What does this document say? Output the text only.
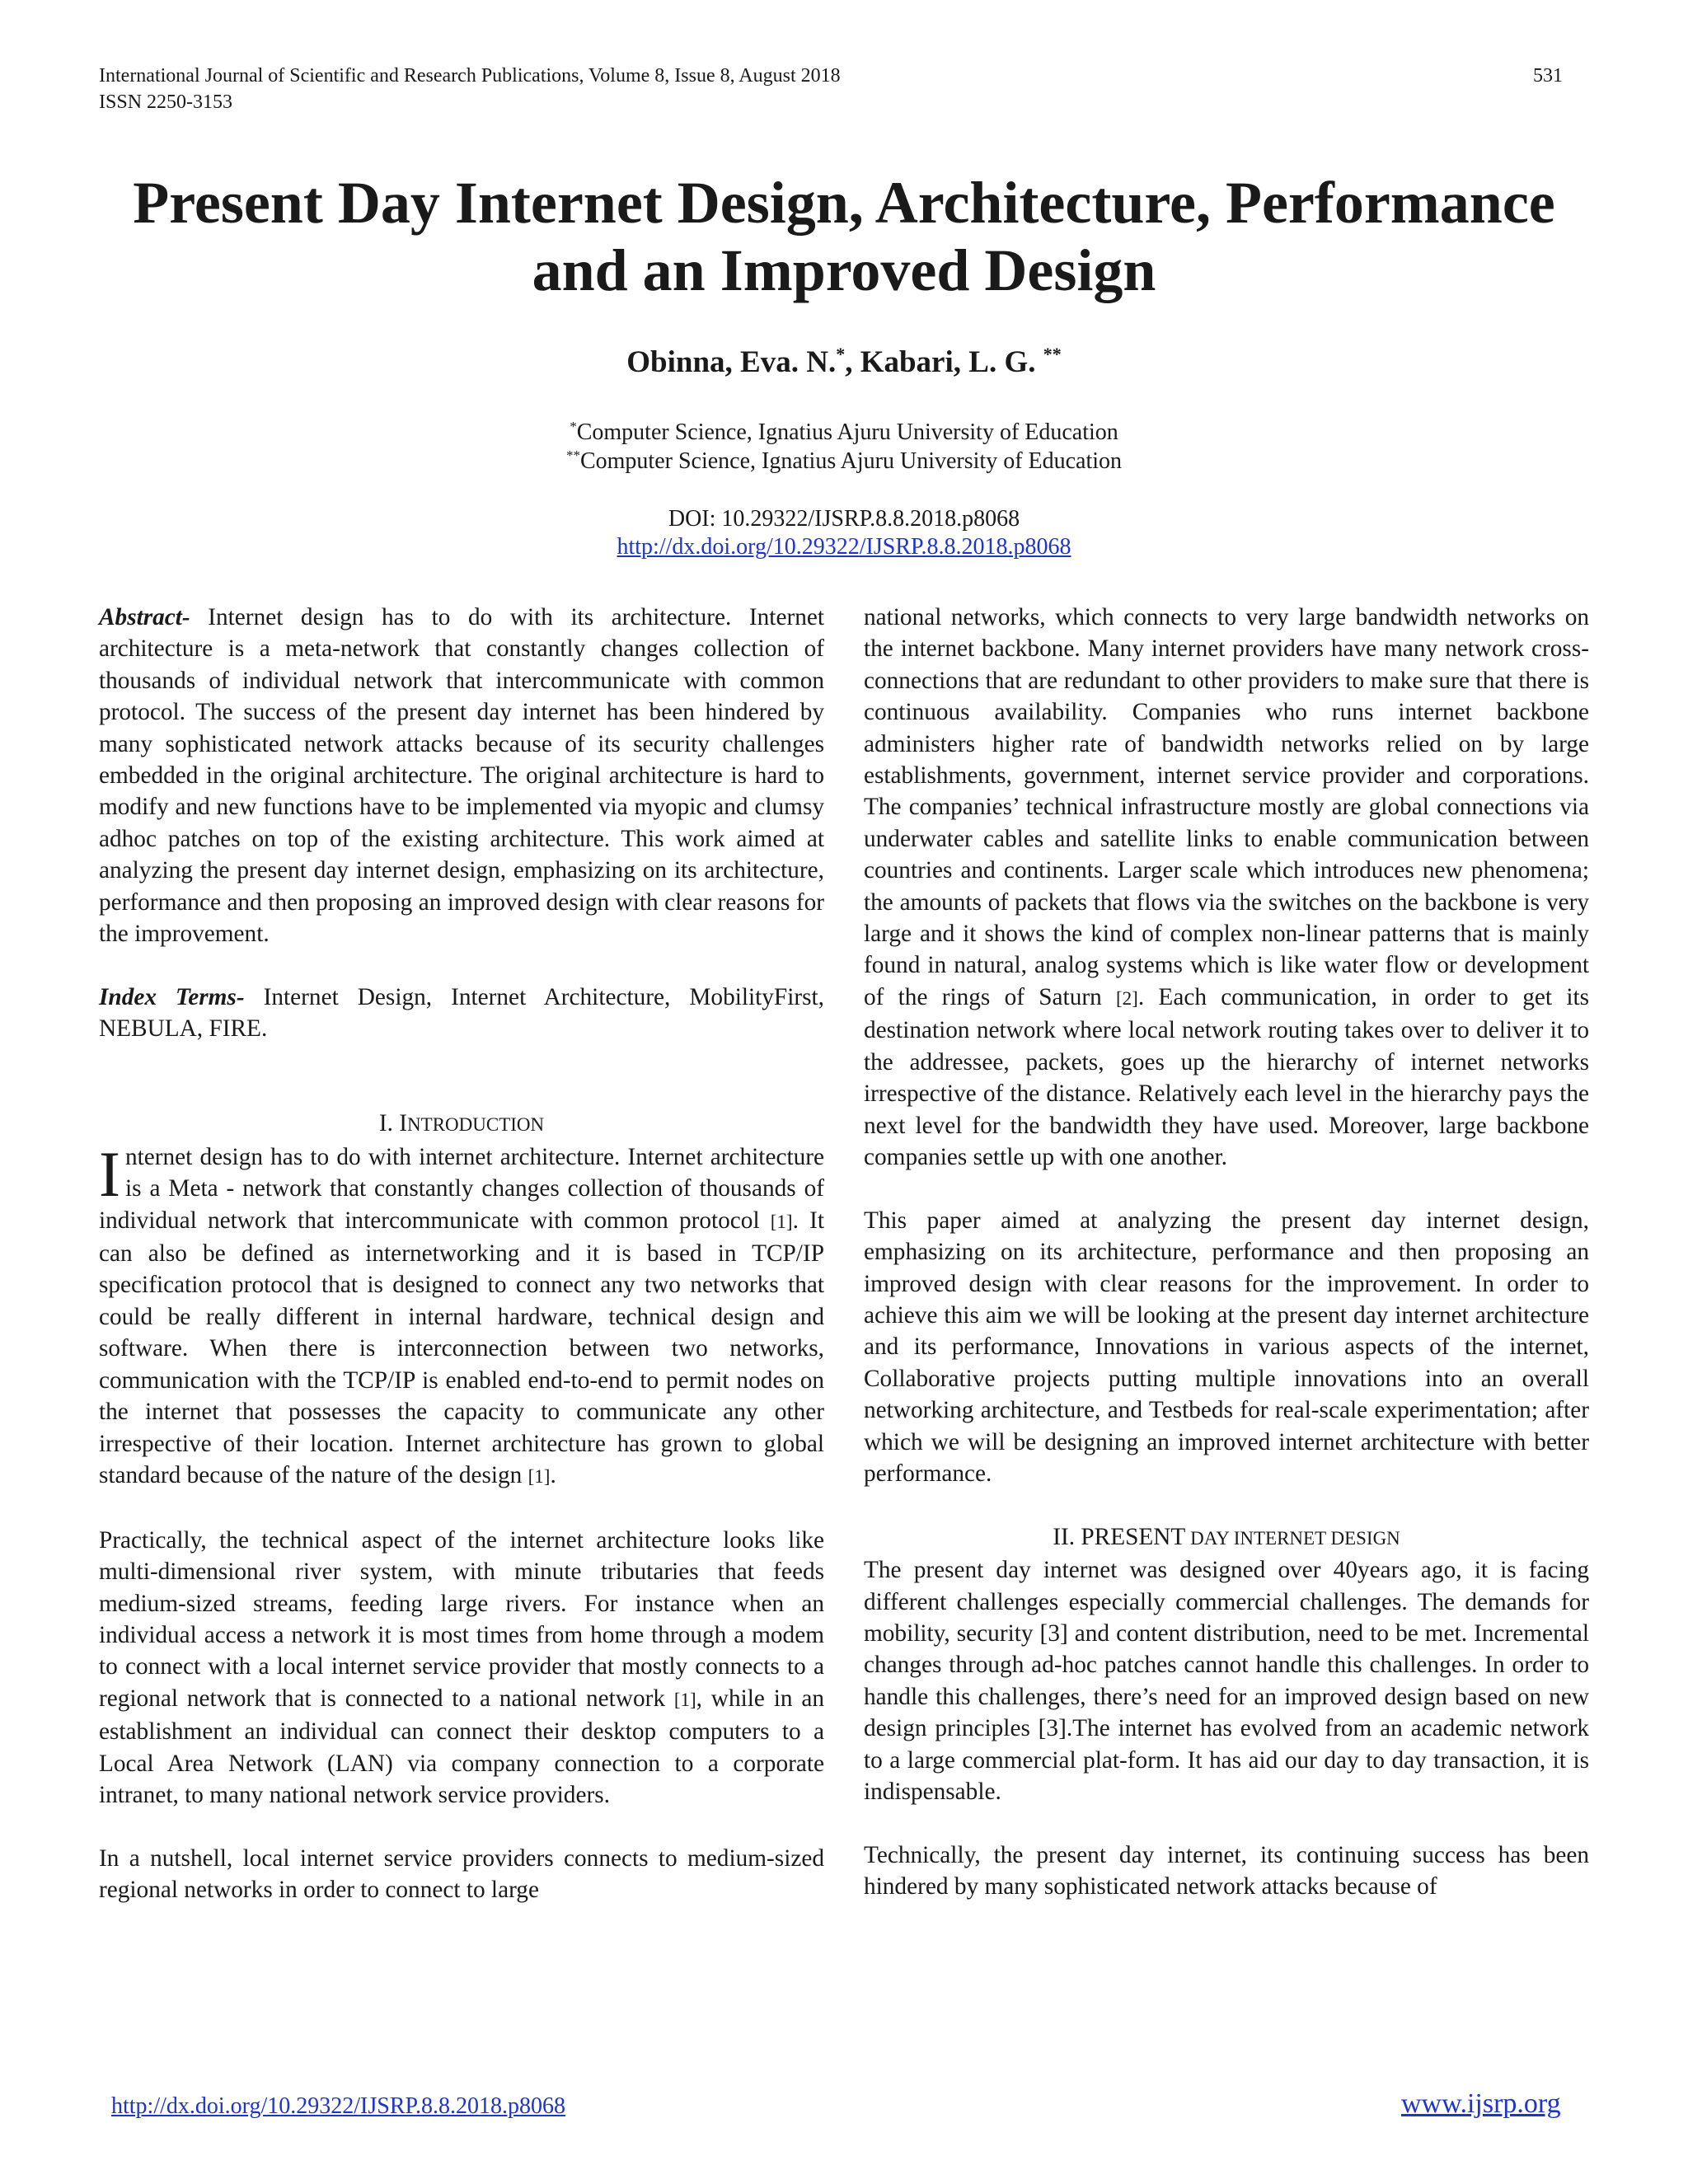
International Journal of Scientific and Research Publications, Volume 8, Issue 8, August 2018
ISSN 2250-3153
531
Present Day Internet Design, Architecture, Performance
and an Improved Design
Obinna, Eva. N.*, Kabari, L. G. **
*Computer Science, Ignatius Ajuru University of Education
**Computer Science, Ignatius Ajuru University of Education
DOI: 10.29322/IJSRP.8.8.2018.p8068
http://dx.doi.org/10.29322/IJSRP.8.8.2018.p8068

Abstract- Internet design has to do with its architecture. Internet architecture is a meta-network that constantly changes collection of thousands of individual network that intercommunicate with common protocol. The success of the present day internet has been hindered by many sophisticated network attacks because of its security challenges embedded in the original architecture. The original architecture is hard to modify and new functions have to be implemented via myopic and clumsy adhoc patches on top of the existing architecture. This work aimed at analyzing the present day internet design, emphasizing on its architecture, performance and then proposing an improved design with clear reasons for the improvement.

Index Terms- Internet Design, Internet Architecture, MobilityFirst, NEBULA, FIRE.

I. INTRODUCTION

Internet design has to do with internet architecture. Internet architecture is a Meta - network that constantly changes collection of thousands of individual network that intercommunicate with common protocol [1]. It can also be defined as internetworking and it is based in TCP/IP specification protocol that is designed to connect any two networks that could be really different in internal hardware, technical design and software. When there is interconnection between two networks, communication with the TCP/IP is enabled end-to-end to permit nodes on the internet that possesses the capacity to communicate any other irrespective of their location. Internet architecture has grown to global standard because of the nature of the design [1].

Practically, the technical aspect of the internet architecture looks like multi-dimensional river system, with minute tributaries that feeds medium-sized streams, feeding large rivers. For instance when an individual access a network it is most times from home through a modem to connect with a local internet service provider that mostly connects to a regional network that is connected to a national network [1], while in an establishment an individual can connect their desktop computers to a Local Area Network (LAN) via company connection to a corporate intranet, to many national network service providers.

In a nutshell, local internet service providers connects to medium-sized regional networks in order to connect to large

national networks, which connects to very large bandwidth networks on the internet backbone. Many internet providers have many network cross-connections that are redundant to other providers to make sure that there is continuous availability. Companies who runs internet backbone administers higher rate of bandwidth networks relied on by large establishments, government, internet service provider and corporations. The companies’ technical infrastructure mostly are global connections via underwater cables and satellite links to enable communication between countries and continents. Larger scale which introduces new phenomena; the amounts of packets that flows via the switches on the backbone is very large and it shows the kind of complex non-linear patterns that is mainly found in natural, analog systems which is like water flow or development of the rings of Saturn [2]. Each communication, in order to get its destination network where local network routing takes over to deliver it to the addressee, packets, goes up the hierarchy of internet networks irrespective of the distance. Relatively each level in the hierarchy pays the next level for the bandwidth they have used. Moreover, large backbone companies settle up with one another.

This paper aimed at analyzing the present day internet design, emphasizing on its architecture, performance and then proposing an improved design with clear reasons for the improvement. In order to achieve this aim we will be looking at the present day internet architecture and its performance, Innovations in various aspects of the internet, Collaborative projects putting multiple innovations into an overall networking architecture, and Testbeds for real-scale experimentation; after which we will be designing an improved internet architecture with better performance.

II. PRESENT DAY INTERNET DESIGN

The present day internet was designed over 40years ago, it is facing different challenges especially commercial challenges. The demands for mobility, security [3] and content distribution, need to be met. Incremental changes through ad-hoc patches cannot handle this challenges. In order to handle this challenges, there’s need for an improved design based on new design principles [3].The internet has evolved from an academic network to a large commercial plat-form. It has aid our day to day transaction, it is indispensable.

Technically, the present day internet, its continuing success has been hindered by many sophisticated network attacks because of

http://dx.doi.org/10.29322/IJSRP.8.8.2018.p8068	www.ijsrp.org
